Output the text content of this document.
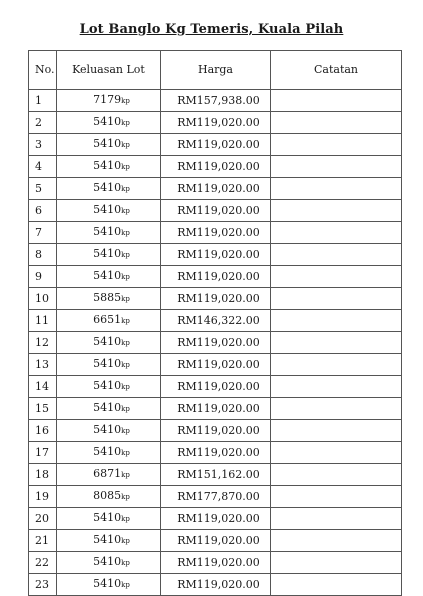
Lot Banglo Kg Temeris, Kuala Pilah
No.	Keluasan Lot	Harga	Catatan
1	7179kp	RM157,938.00	
2	5410kp	RM119,020.00	
3	5410kp	RM119,020.00	
4	5410kp	RM119,020.00	
5	5410kp	RM119,020.00	
6	5410kp	RM119,020.00	
7	5410kp	RM119,020.00	
8	5410kp	RM119,020.00	
9	5410kp	RM119,020.00	
10	5885kp	RM119,020.00	
11	6651kp	RM146,322.00	
12	5410kp	RM119,020.00	
13	5410kp	RM119,020.00	
14	5410kp	RM119,020.00	
15	5410kp	RM119,020.00	
16	5410kp	RM119,020.00	
17	5410kp	RM119,020.00	
18	6871kp	RM151,162.00	
19	8085kp	RM177,870.00	
20	5410kp	RM119,020.00	
21	5410kp	RM119,020.00	
22	5410kp	RM119,020.00	
23	5410kp	RM119,020.00	
